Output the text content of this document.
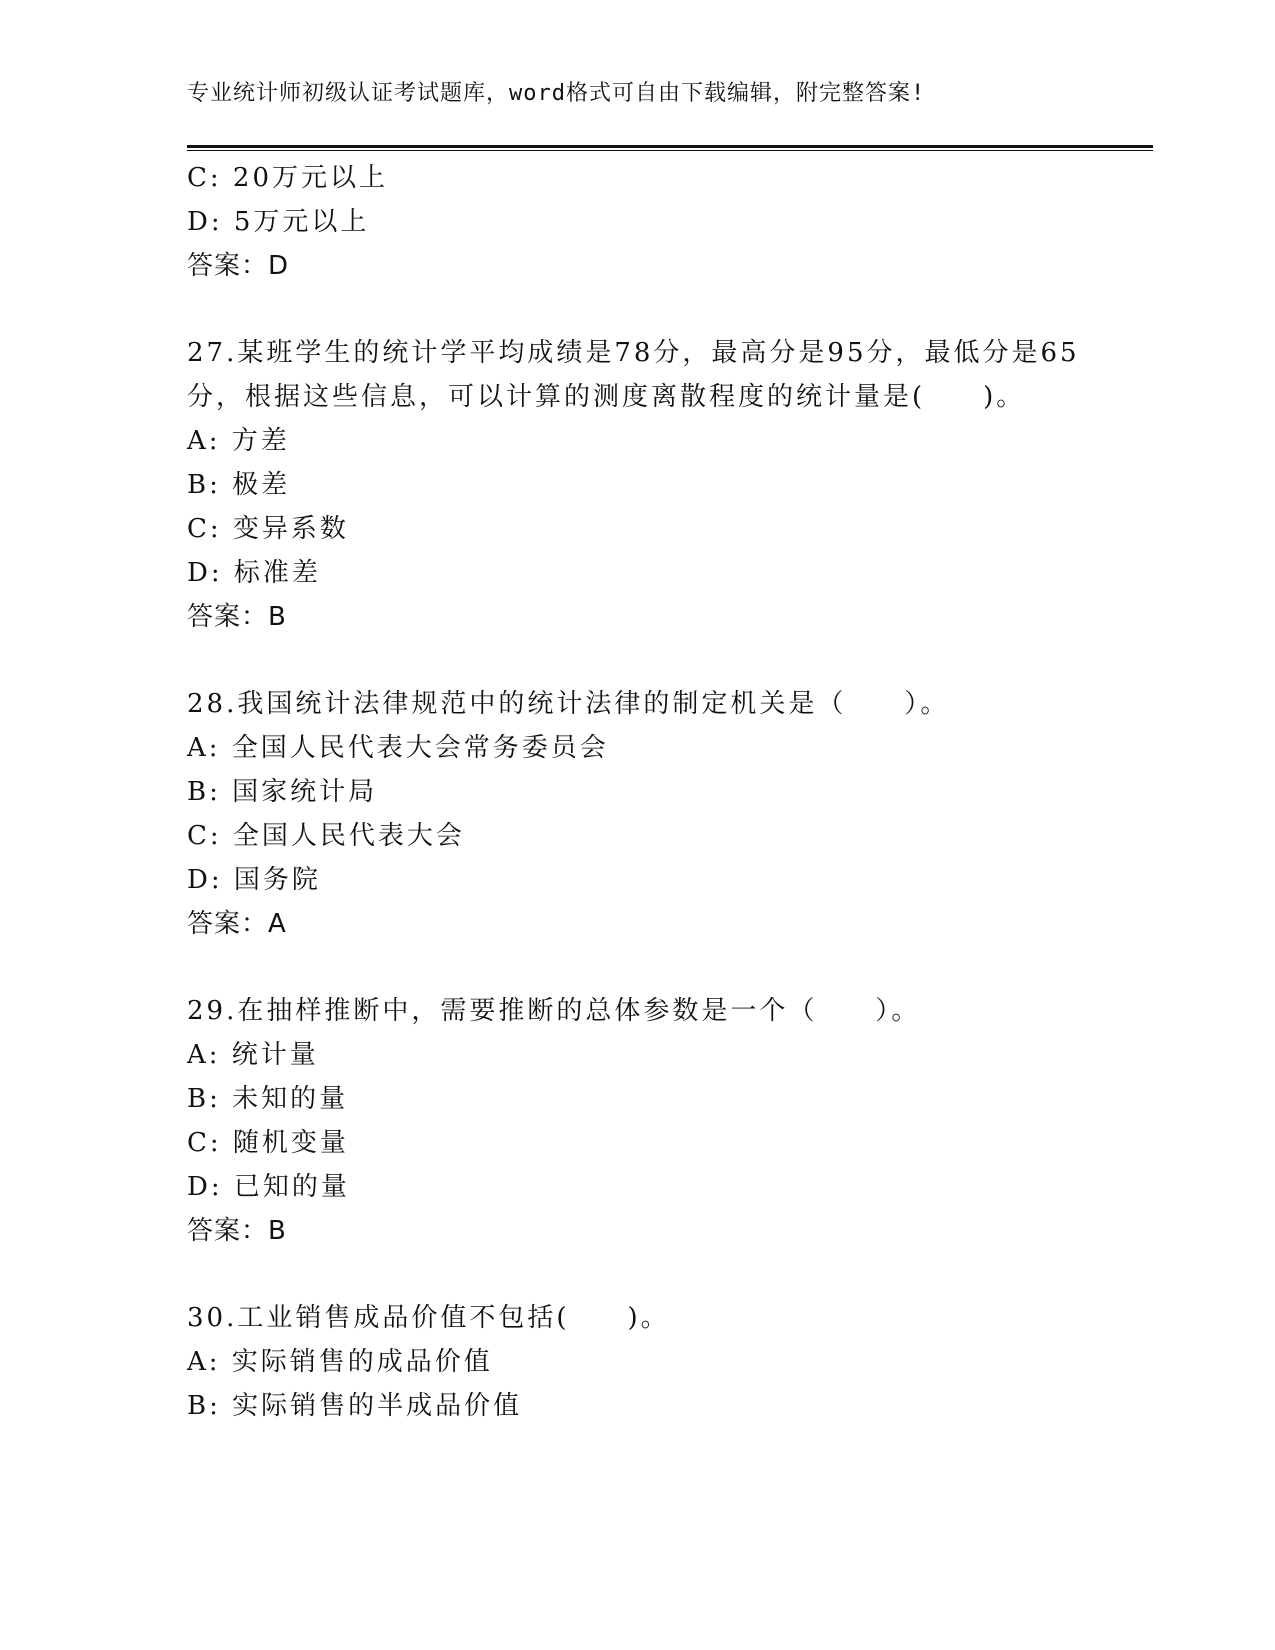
专业统计师初级认证考试题库，word格式可自由下载编辑，附完整答案!
C: 20万元以上
D: 5万元以上
答案：D
27.某班学生的统计学平均成绩是78分，最高分是95分，最低分是65
分，根据这些信息，可以计算的测度离散程度的统计量是(　　)。
A: 方差
B: 极差
C: 变异系数
D: 标准差
答案：B
28.我国统计法律规范中的统计法律的制定机关是（　　）。
A: 全国人民代表大会常务委员会
B: 国家统计局
C: 全国人民代表大会
D: 国务院
答案：A
29.在抽样推断中，需要推断的总体参数是一个（　　）。
A: 统计量
B: 未知的量
C: 随机变量
D: 已知的量
答案：B
30.工业销售成品价值不包括(　　)。
A: 实际销售的成品价值
B: 实际销售的半成品价值
